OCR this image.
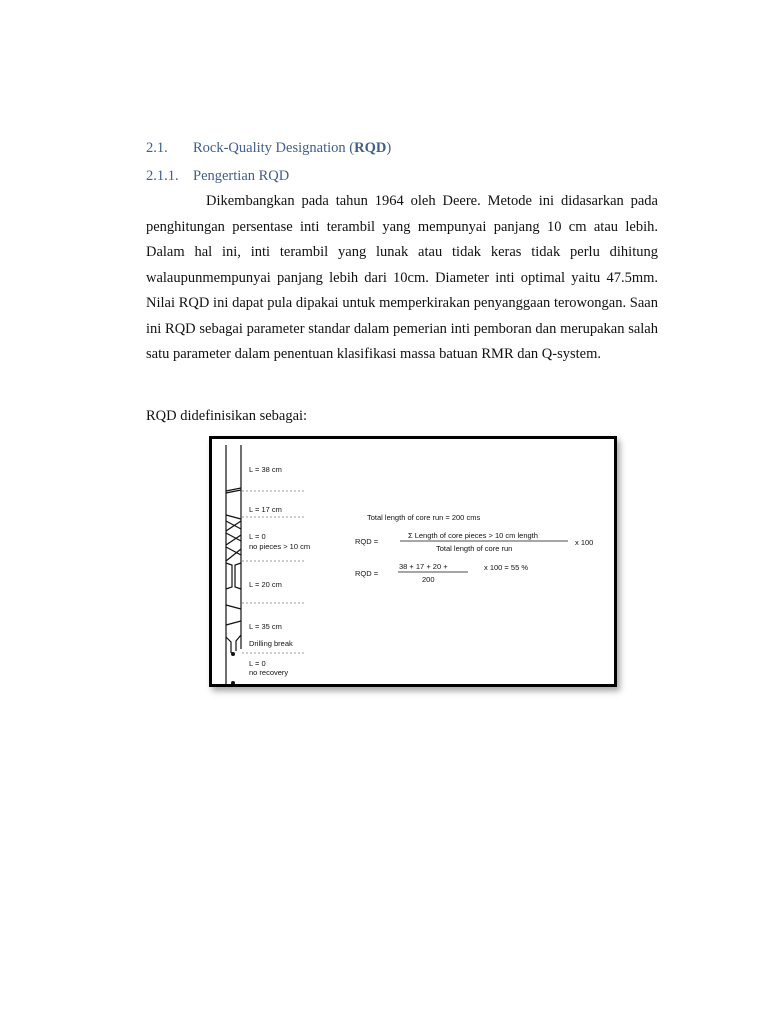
2.1. Rock-Quality Designation (RQD)
2.1.1. Pengertian RQD

Dikembangkan pada tahun 1964 oleh Deere. Metode ini didasarkan pada penghitungan persentase inti terambil yang mempunyai panjang 10 cm atau lebih. Dalam hal ini, inti terambil yang lunak atau tidak keras tidak perlu dihitung walaupunmempunyai panjang lebih dari 10cm. Diameter inti optimal yaitu 47.5mm. Nilai RQD ini dapat pula dipakai untuk memperkirakan penyanggaan terowongan. Saan ini RQD sebagai parameter standar dalam pemerian inti pemboran dan merupakan salah satu parameter dalam penentuan klasifikasi massa batuan RMR dan Q-system.

RQD didefinisikan sebagai:
L = 38 cm
L = 17 cm
L = 0
no pieces > 10 cm
L = 20 cm
L = 35 cm
Drilling break
L = 0
no recovery
Total length of core run = 200 cms
RQD =
Σ Length of core pieces > 10 cm length
Total length of core run
x 100
RQD =
38 + 17 + 20 +
200
x 100 = 55 %
